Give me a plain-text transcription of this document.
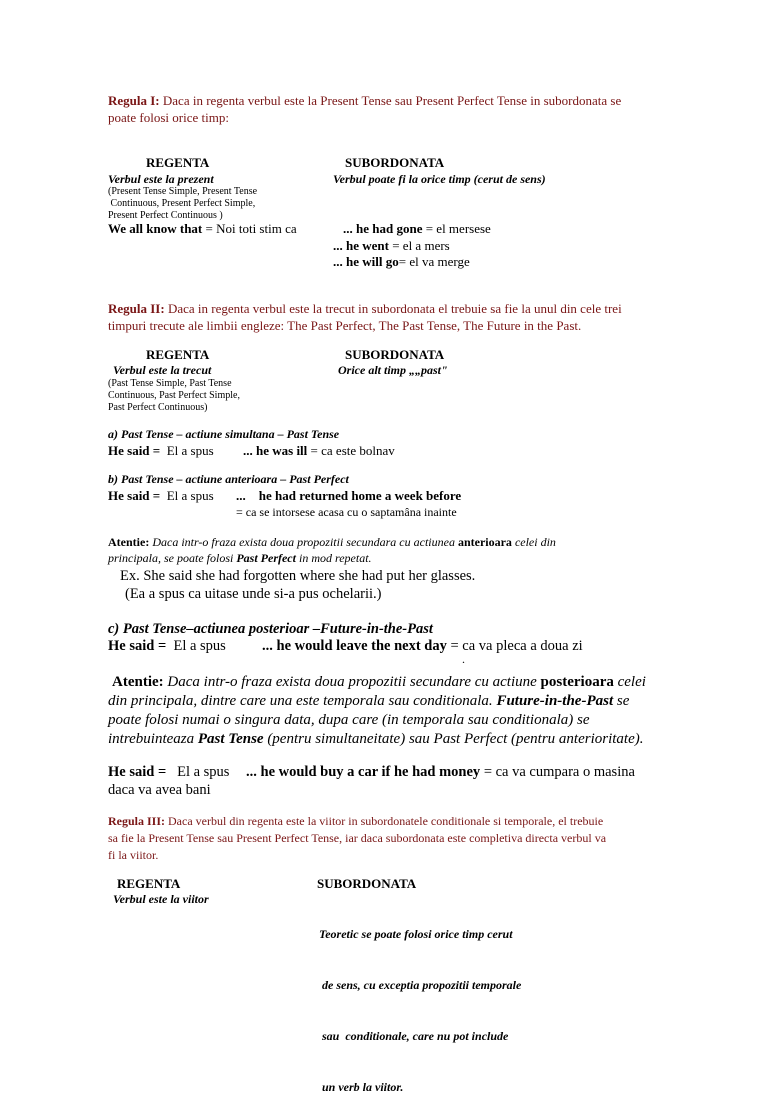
Regula I: Daca in regenta verbul este la Present Tense sau Present Perfect Tense in subordonata se
poate folosi orice timp:
REGENTA	SUBORDONATA
Verbul este la prezent	Verbul poate fi la orice timp (cerut de sens)
(Present Tense Simple, Present Tense
Continuous, Present Perfect Simple,
Present Perfect Continuous )
We all know that = Noi toti stim ca	... he had gone = el mersese
... he went = el a mers
... he will go= el va merge
Regula II: Daca in regenta verbul este la trecut in subordonata el trebuie sa fie la unul din cele trei
timpuri trecute ale limbii engleze: The Past Perfect, The Past Tense, The Future in the Past.
REGENTA	SUBORDONATA
Verbul este la trecut	Orice alt timp „„past"
(Past Tense Simple, Past Tense
Continuous, Past Perfect Simple,
Past Perfect Continuous)
a) Past Tense – actiune simultana – Past Tense
He said =  El a spus ... he was ill = ca este bolnav
b) Past Tense – actiune anterioara – Past Perfect
He said =  El a spus ...    he had returned home a week before
= ca se intorsese acasa cu o saptamâna inainte
Atentie: Daca intr-o fraza exista doua propozitii secundara cu actiunea anterioara celei din
principala, se poate folosi Past Perfect in mod repetat.
Ex. She said she had forgotten where she had put her glasses.
(Ea a spus ca uitase unde si-a pus ochelarii.)
c) Past Tense–actiunea posterioar –Future-in-the-Past
He said =  El a spus ... he would leave the next day = ca va pleca a doua zi
.
Atentie: Daca intr-o fraza exista doua propozitii secundare cu actiune posterioara celei
din principala, dintre care una este temporala sau conditionala. Future-in-the-Past se
poate folosi numai o singura data, dupa care (in temporala sau conditionala) se
intrebuinteaza Past Tense (pentru simultaneitate) sau Past Perfect (pentru anterioritate).
He said =   El a spus ... he would buy a car if he had money = ca va cumpara o masina
daca va avea bani
Regula III: Daca verbul din regenta este la viitor in subordonatele conditionale si temporale, el trebuie
sa fie la Present Tense sau Present Perfect Tense, iar daca subordonata este completiva directa verbul va
fi la viitor.
REGENTA	SUBORDONATA
Verbul este la viitor

Teoretic se poate folosi orice timp cerut

de sens, cu exceptia propozitii temporale

sau  conditionale, care nu pot include

un verb la viitor.
